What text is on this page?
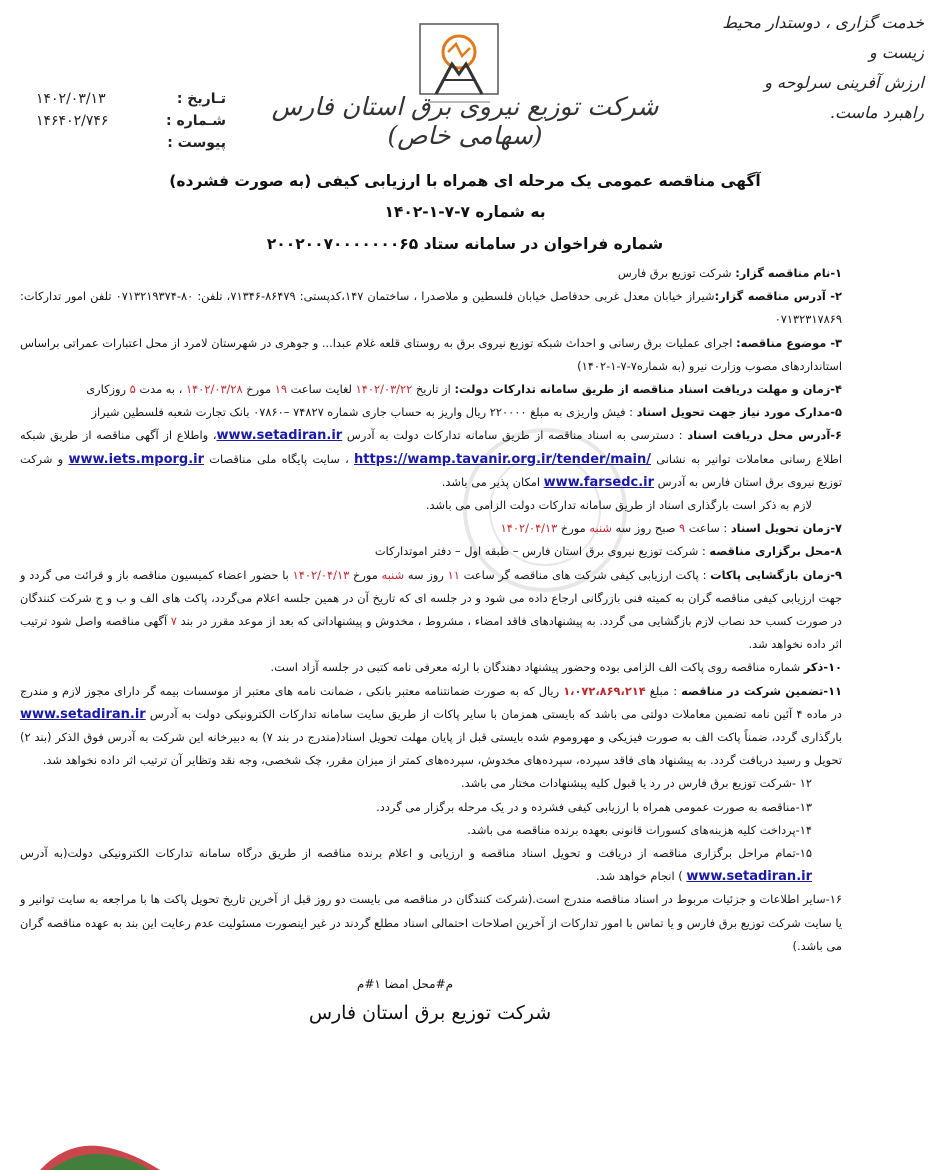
خدمت گزاری ، دوستدار محیط زیست و
ارزش آفرینی سرلوحه و
راهبرد ماست.
شرکت توزیع نیروی برق استان فارس (سهامی خاص)
تـاریخ :
۱۴۰۲/۰۳/۱۳
شـماره :
۱۴۶۴۰۲/۷۴۶
پیوست :
آگهی مناقصه عمومی یک مرحله ای همراه با ارزیابی کیفی (به صورت فشرده)
به شماره ۷-۷-۱-۱۴۰۲
شماره فراخوان در سامانه ستاد ۲۰۰۲۰۰۷۰۰۰۰۰۰۰۶۵

۱-نام مناقصه گزار: شرکت توزیع برق فارس

۲- آدرس مناقصه گزار:شیراز خیابان معدل غربی حدفاصل خیابان فلسطین و ملاصدرا ، ساختمان ۱۴۷،کدپستی: ۸۶۴۷۹-۷۱۳۴۶، تلفن: ۸۰-۰۷۱۳۲۱۹۳۷۴ تلفن امور تدارکات: ۰۷۱۳۲۳۱۷۸۶۹

۳- موضوع مناقصه: اجرای عملیات برق رسانی و احداث شبکه توزیع نیروی برق به روستای قلعه غلام عبدا... و جوهری در شهرستان لامرد از محل اعتبارات عمراتی براساس استانداردهای مصوب وزارت نیرو (به شماره۷-۷-۱-۱۴۰۲)

۴-زمان و مهلت دریافت اسناد مناقصه از طریق سامانه تدارکات دولت: از تاریخ ۱۴۰۲/۰۳/۲۲ لغایت ساعت ۱۹ مورخ ۱۴۰۲/۰۳/۲۸ ، به مدت ۵ روزکاری

۵-مدارک مورد نیاز جهت تحویل اسناد : فیش واریزی به مبلغ ۲۲۰۰۰۰ ریال واریز به حساب جاری شماره ۷۴۸۲۷ –۰۷۸۶۰ بانک تجارت شعبه فلسطین شیراز

۶-آدرس محل دریافت اسناد : دسترسی به اسناد مناقصه از طریق سامانه تدارکات دولت به آدرس www.setadiran.ir، واطلاع از آگهی مناقصه از طریق شبکه اطلاع رسانی معاملات توانیر به نشانی https://wamp.tavanir.org.ir/tender/main/ ، سایت پایگاه ملی مناقصات www.iets.mporg.ir و شرکت توزیع نیروی برق استان فارس به آدرس www.farsedc.ir امکان پذیر می باشد.

لازم به ذکر است بارگذاری اسناد از طریق سامانه تدارکات دولت الزامی می باشد.

۷-زمان تحویل اسناد : ساعت ۹ صبح روز سه شنبه مورخ ۱۴۰۲/۰۴/۱۳

۸-محل برگزاری مناقصه : شرکت توزیع نیروی برق استان فارس – طبقه اول – دفتر اموتدارکات

۹-زمان بازگشایی پاکات : پاکت ارزیابی کیفی شرکت های مناقصه گر ساعت ۱۱ روز سه شنبه مورخ ۱۴۰۲/۰۴/۱۳ با حضور اعضاء کمیسیون مناقصه باز و قرائت می گردد و جهت ارزیابی کیفی مناقصه گران به کمیته فنی بازرگانی ارجاع داده می شود و در جلسه ای که تاریخ آن در همین جلسه اعلام می‌گردد، پاکت های الف و ب و ج شرکت کنندگان در صورت کسب حد نصاب لازم بازگشایی می گردد. به پیشنهادهای فاقد امضاء ، مشروط ، مخدوش و پیشنهاداتی که بعد از موعد مقرر در بند ۷ آگهی مناقصه واصل شود ترتیب اثر داده نخواهد شد.

۱۰-ذکر شماره مناقصه روی پاکت الف الزامی بوده وحضور پیشنهاد دهندگان با ارئه معرفی نامه کتبی در جلسه آزاد است.

۱۱-تضمین شرکت در مناقصه : مبلغ ۱،۰۷۲،۸۶۹،۲۱۴ ریال که به صورت ضمانتنامه معتبر بانکی ، ضمانت نامه های معتبر از موسسات بیمه گر دارای مجوز لازم و مندرج در ماده ۴ آئین نامه تضمین معاملات دولتی می باشد که بایستی همزمان با سایر پاکات از طریق سایت سامانه تدارکات الکترونیکی دولت به آدرس www.setadiran.ir بارگذاری گردد، ضمناً پاکت الف به صورت فیزیکی و مهروموم شده بایستی قبل از پایان مهلت تحویل اسناد(مندرج در بند ۷) به دبیرخانه این شرکت به آدرس فوق الذکر (بند ۲) تحویل و رسید دریافت گردد. به پیشنهاد های فاقد سپرده، سپرده‌های مخدوش، سپرده‌های کمتر از میزان مقرر، چک شخصی، وجه نقد وتظایر آن ترتیب اثر داده نخواهد شد.

۱۲ -شرکت توزیع برق فارس در رد یا قبول کلیه پیشنهادات مختار می باشد.

۱۳-مناقصه به صورت عمومی همراه با ارزیابی کیفی فشرده و در یک مرحله برگزار می گردد.

۱۴-پرداخت کلیه هزینه‌های کسورات قانونی بعهده برنده مناقصه می باشد.

۱۵-تمام مراحل برگزاری مناقصه از دریافت و تحویل اسناد مناقصه و ارزیابی و اعلام برنده مناقصه از طریق درگاه سامانه تدارکات الکترونیکی دولت(به آدرس www.setadiran.ir ) انجام خواهد شد.

۱۶-سایر اطلاعات و جزئیات مربوط در اسناد مناقصه مندرج است.(شرکت کنندگان در مناقصه می بایست دو روز قبل از آخرین تاریخ تحویل پاکت ها با مراجعه به سایت توانیر و یا سایت شرکت توزیع برق فارس و یا تماس با امور تدارکات از آخرین اصلاحات احتمالی اسناد مطلع گردند در غیر اینصورت مسئولیت عدم رعایت این بند به عهده مناقصه گران می باشد.)

م#محل امضا ۱#م
شرکت توزیع برق استان فارس
